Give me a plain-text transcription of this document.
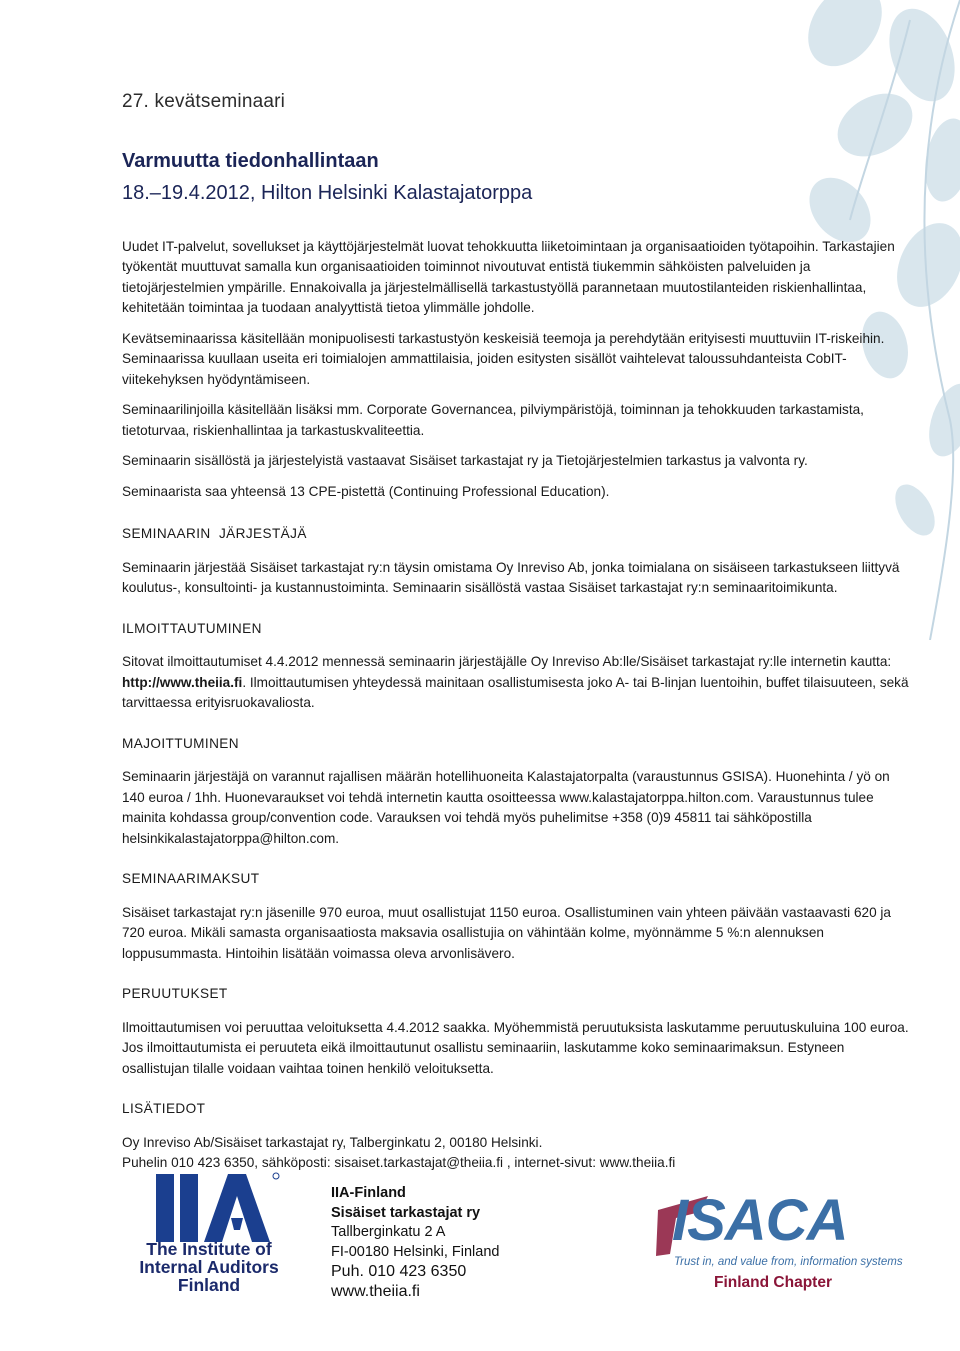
27. kevätseminaari
Varmuutta tiedonhallintaan
18.–19.4.2012, Hilton Helsinki Kalastajatorppa

Uudet IT-palvelut, sovellukset ja käyttöjärjestelmät luovat tehokkuutta liiketoimintaan ja organisaatioiden työtapoihin. Tarkastajien työkentät muuttuvat samalla kun organisaatioiden toiminnot nivoutuvat entistä tiukemmin sähköisten palveluiden ja tietojärjestelmien ympärille. Ennakoivalla ja järjestelmällisellä tarkastustyöllä parannetaan muutostilanteiden riskienhallintaa, kehitetään toimintaa ja tuodaan analyyttistä tietoa ylimmälle johdolle.

Kevätseminaarissa käsitellään monipuolisesti tarkastustyön keskeisiä teemoja ja perehdytään erityisesti muuttuviin IT-riskeihin. Seminaarissa kuullaan useita eri toimialojen ammattilaisia, joiden esitysten sisällöt vaihtelevat taloussuhdanteista CobIT-viitekehyksen hyödyntämiseen.

Seminaarilinjoilla käsitellään lisäksi mm. Corporate Governancea, pilviympäristöjä, toiminnan ja tehokkuuden tarkastamista, tietoturvaa, riskienhallintaa ja tarkastuskvaliteettia.

Seminaarin sisällöstä ja järjestelyistä vastaavat Sisäiset tarkastajat ry ja Tietojärjestelmien tarkastus ja valvonta ry.

Seminaarista saa yhteensä 13 CPE-pistettä (Continuing Professional Education).

SEMINAARIN  JÄRJESTÄJÄ

Seminaarin järjestää Sisäiset tarkastajat ry:n täysin omistama Oy Inreviso Ab, jonka toimialana on sisäiseen tarkastukseen liittyvä koulutus-, konsultointi- ja kustannustoiminta. Seminaarin sisällöstä vastaa Sisäiset tarkastajat ry:n seminaaritoimikunta.

ILMOITTAUTUMINEN

Sitovat ilmoittautumiset 4.4.2012 mennessä seminaarin järjestäjälle Oy Inreviso Ab:lle/Sisäiset tarkastajat ry:lle internetin kautta: http://www.theiia.fi. Ilmoittautumisen yhteydessä mainitaan osallistumisesta joko A- tai B-linjan luentoihin, buffet tilaisuuteen, sekä tarvittaessa erityisruokavaliosta.

MAJOITTUMINEN

Seminaarin järjestäjä on varannut rajallisen määrän hotellihuoneita Kalastajatorpalta (varaustunnus GSISA). Huonehinta / yö on 140 euroa / 1hh. Huonevaraukset voi tehdä internetin kautta osoitteessa www.kalastajatorppa.hilton.com. Varaustunnus tulee mainita kohdassa group/convention code. Varauksen voi tehdä myös puhelimitse +358 (0)9 45811 tai sähköpostilla helsinkikalastajatorppa@hilton.com.

SEMINAARIMAKSUT

Sisäiset tarkastajat ry:n jäsenille 970 euroa, muut osallistujat 1150 euroa. Osallistuminen vain yhteen päivään vastaavasti 620 ja 720 euroa. Mikäli samasta organisaatiosta maksavia osallistujia on vähintään kolme, myönnämme 5 %:n alennuksen loppusummasta. Hintoihin lisätään voimassa oleva arvonlisävero.

PERUUTUKSET

Ilmoittautumisen voi peruuttaa veloituksetta 4.4.2012 saakka. Myöhemmistä peruutuksista laskutamme peruutuskuluina 100 euroa. Jos ilmoittautumista ei peruuteta eikä ilmoittautunut osallistu seminaariin, laskutamme koko seminaarimaksun. Estyneen osallistujan tilalle voidaan vaihtaa toinen henkilö veloituksetta.

LISÄTIEDOT
Oy Inreviso Ab/Sisäiset tarkastajat ry, Talberginkatu 2, 00180 Helsinki.
Puhelin 010 423 6350, sähköposti: sisaiset.tarkastajat@theiia.fi , internet-sivut: www.theiia.fi
The Institute of
Internal Auditors
Finland
IIA-Finland
Sisäiset tarkastajat ry
Tallberginkatu 2 A
FI-00180 Helsinki, Finland
Puh. 010 423 6350
www.theiia.fi
ISACA
Trust in, and value from, information systems
Finland Chapter
